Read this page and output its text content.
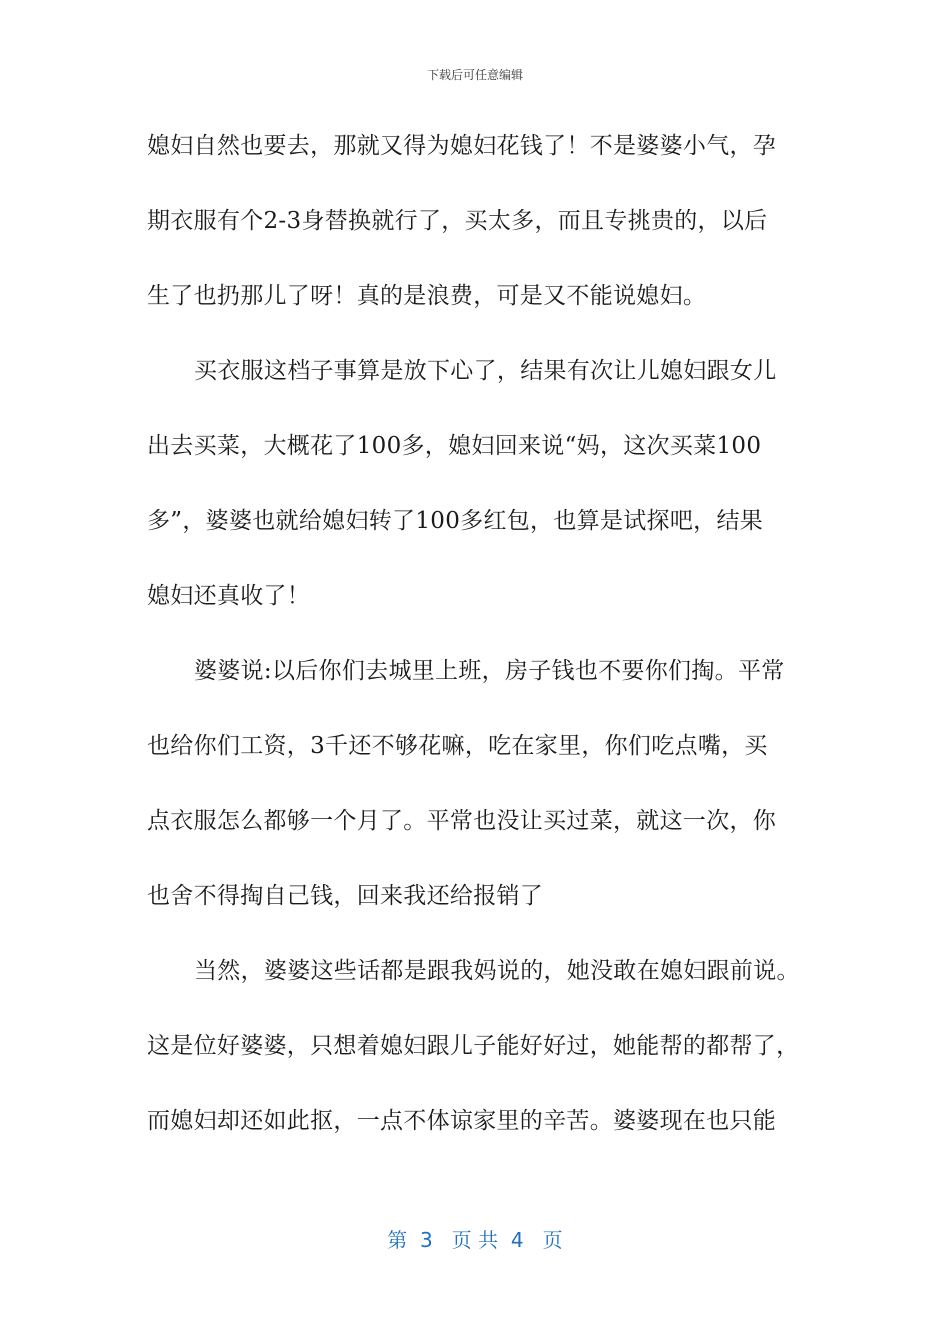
下载后可任意编辑
媳妇自然也要去，那就又得为媳妇花钱了！不是婆婆小气，孕
期衣服有个2-3身替换就行了，买太多，而且专挑贵的，以后
生了也扔那儿了呀！真的是浪费，可是又不能说媳妇。
买衣服这档子事算是放下心了，结果有次让儿媳妇跟女儿
出去买菜，大概花了100多，媳妇回来说“妈，这次买菜100
多”，婆婆也就给媳妇转了100多红包，也算是试探吧，结果
媳妇还真收了！
婆婆说:以后你们去城里上班，房子钱也不要你们掏。平常
也给你们工资，3千还不够花嘛，吃在家里，你们吃点嘴，买
点衣服怎么都够一个月了。平常也没让买过菜，就这一次，你
也舍不得掏自己钱，回来我还给报销了
当然，婆婆这些话都是跟我妈说的，她没敢在媳妇跟前说。
这是位好婆婆，只想着媳妇跟儿子能好好过，她能帮的都帮了，
而媳妇却还如此抠，一点不体谅家里的辛苦。婆婆现在也只能
第  3   页 共  4   页
